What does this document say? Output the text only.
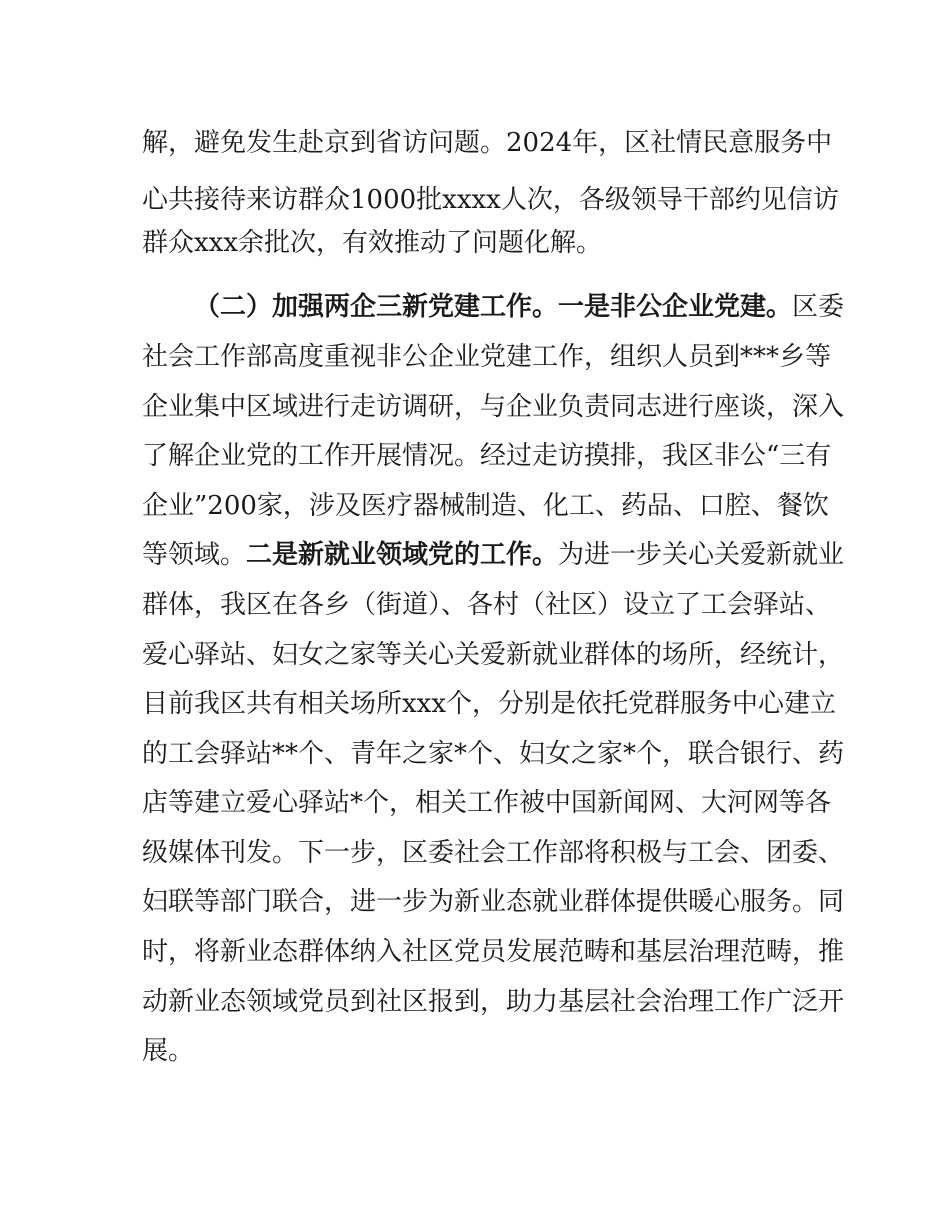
解，避免发生赴京到省访问题。2024年，区社情民意服务中
心共接待来访群众1000批xxxx人次，各级领导干部约见信访
群众xxx余批次，有效推动了问题化解。
（二）加强两企三新党建工作。一是非公企业党建。区委
社会工作部高度重视非公企业党建工作，组织人员到***乡等
企业集中区域进行走访调研，与企业负责同志进行座谈，深入
了解企业党的工作开展情况。经过走访摸排，我区非公“三有
企业”200家，涉及医疗器械制造、化工、药品、口腔、餐饮
等领域。二是新就业领域党的工作。为进一步关心关爱新就业
群体，我区在各乡（街道）、各村（社区）设立了工会驿站、
爱心驿站、妇女之家等关心关爱新就业群体的场所，经统计，
目前我区共有相关场所xxx个，分别是依托党群服务中心建立
的工会驿站**个、青年之家*个、妇女之家*个，联合银行、药
店等建立爱心驿站*个，相关工作被中国新闻网、大河网等各
级媒体刊发。下一步，区委社会工作部将积极与工会、团委、
妇联等部门联合，进一步为新业态就业群体提供暖心服务。同
时，将新业态群体纳入社区党员发展范畴和基层治理范畴，推
动新业态领域党员到社区报到，助力基层社会治理工作广泛开
展。
